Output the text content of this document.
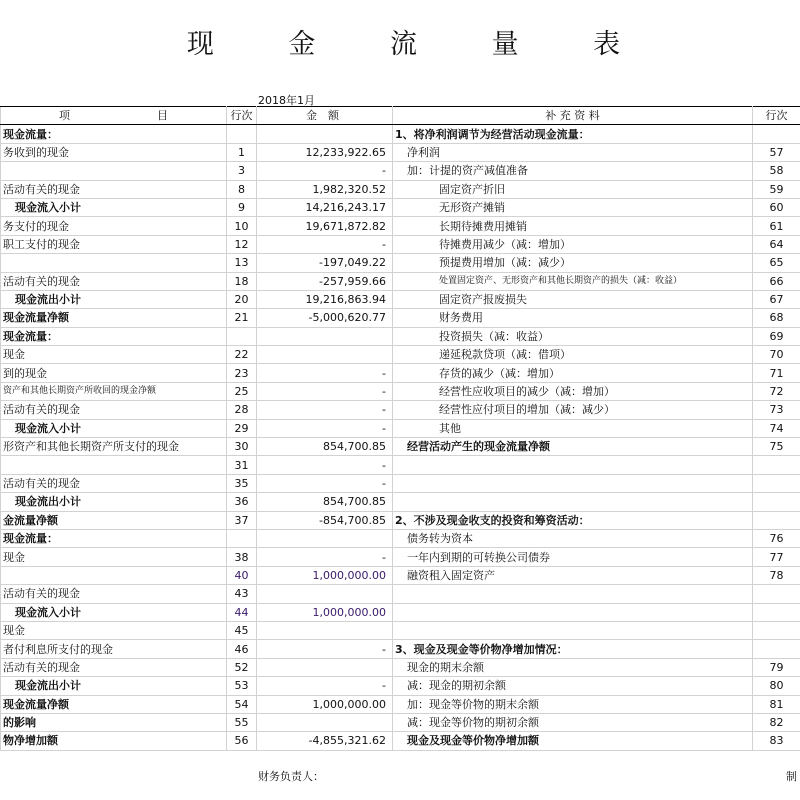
现 金 流 量 表
2018年1月
项 目	行次	金　额	补 充 资 料	行次
现金流量：			1、将净利润调节为经营活动现金流量：	
务收到的现金	1	12,233,922.65	净利润	57
	3	-	加：计提的资产减值准备	58
活动有关的现金	8	1,982,320.52	固定资产折旧	59
现金流入小计	9	14,216,243.17	无形资产摊销	60
务支付的现金	10	19,671,872.82	长期待摊费用摊销	61
职工支付的现金	12	-	待摊费用减少（减：增加）	64
	13	-197,049.22	预提费用增加（减：减少）	65
活动有关的现金	18	-257,959.66	处置固定资产、无形资产和其他长期资产的损失（减：收益）	66
现金流出小计	20	19,216,863.94	固定资产报废损失	67
现金流量净额	21	-5,000,620.77	财务费用	68
现金流量：			投资损失（减：收益）	69
现金	22		递延税款贷项（减：借项）	70
到的现金	23	-	存货的减少（减：增加）	71
资产和其他长期资产所收回的现金净额	25	-	经营性应收项目的减少（减：增加）	72
活动有关的现金	28	-	经营性应付项目的增加（减：减少）	73
现金流入小计	29	-	其他	74
形资产和其他长期资产所支付的现金	30	854,700.85	经营活动产生的现金流量净额	75
	31	-		
活动有关的现金	35	-		
现金流出小计	36	854,700.85		
金流量净额	37	-854,700.85	2、不涉及现金收支的投资和筹资活动：	
现金流量：			债务转为资本	76
现金	38	-	一年内到期的可转换公司债券	77
	40	1,000,000.00	融资租入固定资产	78
活动有关的现金	43			
现金流入小计	44	1,000,000.00		
现金	45			
者付利息所支付的现金	46	-	3、现金及现金等价物净增加情况：	
活动有关的现金	52		现金的期末余额	79
现金流出小计	53	-	减：现金的期初余额	80
现金流量净额	54	1,000,000.00	加：现金等价物的期末余额	81
的影响	55		减：现金等价物的期初余额	82
物净增加额	56	-4,855,321.62	现金及现金等价物净增加额	83
财务负责人：	制
